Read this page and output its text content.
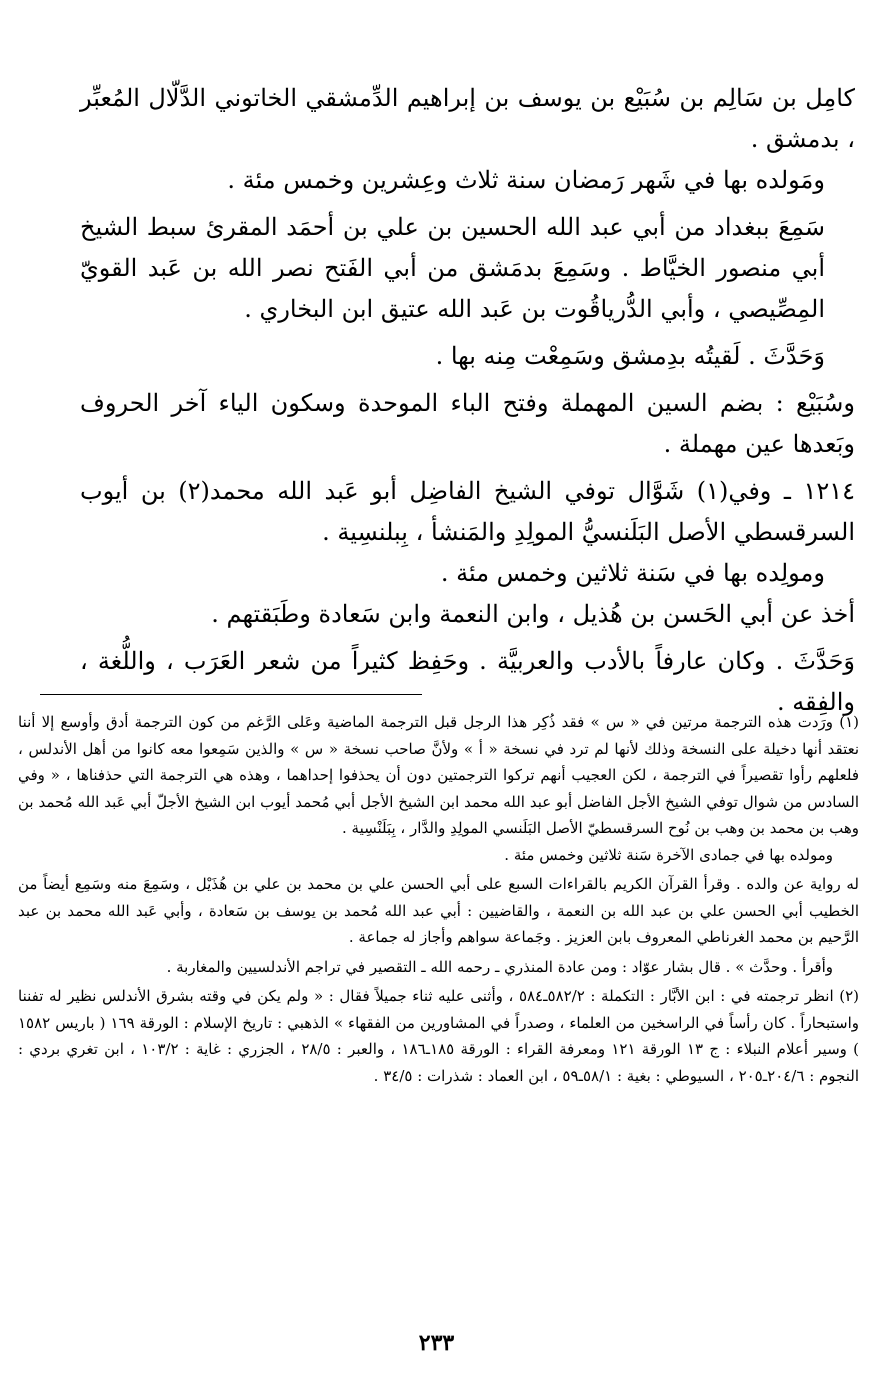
كامِل بن سَالِم بن سُبَيْع بن يوسف بن إبراهيم الدِّمشقي الخاتوني الدَّلّال المُعبِّر ، بدمشق .

ومَولده بها في شَهر رَمضان سنة ثلاث وعِشرين وخمس مئة .

سَمِعَ ببغداد من أبي عبد الله الحسين بن علي بن أحمَد المقرئ سبط الشيخ أبي منصور الخيَّاط . وسَمِعَ بدمَشق من أبي الفَتح نصر الله بن عَبد القويّ المِصِّيصي ، وأبي الدُّرياقُوت بن عَبد الله عتيق ابن البخاري .

وَحَدَّثَ . لَقيتُه بدِمشق وسَمِعْت مِنه بها .

وسُبَيْع : بضم السين المهملة وفتح الباء الموحدة وسكون الياء آخر الحروف وبَعدها عين مهملة .

١٢١٤ ـ وفي(١) شَوَّال توفي الشيخ الفاضِل أبو عَبد الله محمد(٢) بن أيوب السرقسطي الأصل البَلَنسيُّ المولِدِ والمَنشأ ، بِبلنسِية .

ومولِده بها في سَنة ثلاثين وخمس مئة .

أخذ عن أبي الحَسن بن هُذيل ، وابن النعمة وابن سَعادة وطَبَقتهم .

وَحَدَّثَ . وكان عارفاً بالأدب والعربيَّة . وحَفِظ كثيراً من شعر العَرَب ، واللُّغة ، والفِقه .

(١) ورَدت هذه الترجمة مرتين في « س » فقد ذُكِر هذا الرجل قبل الترجمة الماضية وعَلى الرَّغم من كون الترجمة أدق وأوسع إلا أننا نعتقد أنها دخيلة على النسخة وذلك لأنها لم ترد في نسخة « أ » ولأنَّ صاحب نسخة « س » والذين سَمِعوا معه كانوا من أهل الأندلس ، فلعلهم رأوا تقصيراً في الترجمة ، لكن العجيب أنهم تركوا الترجمتين دون أن يحذفوا إحداهما ، وهذه هي الترجمة التي حذفناها ، « وفي السادس من شوال توفي الشيخ الأجل الفاضل أبو عبد الله محمد ابن الشيخ الأجل أبي مُحمد أيوب ابن الشيخ الأجلّ أبي عَبد الله مُحمد بن وهب بن محمد بن وهب بن نُوح السرقسطيّ الأصل البَلَنسي المولِدِ والدَّار ، بِبَلَنْسِية .

ومولده بها في جمادى الآخرة سَنة ثلاثين وخمس مئة .

له رواية عن والده . وقرأ القرآن الكريم بالقراءات السبع على أبي الحسن علي بن محمد بن علي بن هُذَيْل ، وسَمِعَ منه وسَمِع أيضاً من الخطيب أبي الحسن علي بن عبد الله بن النعمة ، والقاضيين : أبي عبد الله مُحمد بن يوسف بن سَعادة ، وأبي عَبد الله محمد بن عبد الرَّحيم بن محمد الغرناطي المعروف بابن العزيز . وجَماعة سواهم وأجاز له جماعة .

وأقرأ . وحدَّث » . قال بشار عوّاد : ومن عادة المنذري ـ رحمه الله ـ التقصير في تراجم الأندلسيين والمغاربة .

(٢) انظر ترجمته في : ابن الأبَّار : التكملة : ٥٨٢/٢ـ٥٨٤ ، وأثنى عليه ثناء جميلاً فقال : « ولم يكن في وقته بشرق الأندلس نظير له تفننا واستبحاراً . كان رأساً في الراسخين من العلماء ، وصدراً في المشاورين من الفقهاء » الذهبي : تاريخ الإسلام : الورقة ١٦٩ ( باريس ١٥٨٢ ) وسير أعلام النبلاء : ج ١٣ الورقة ١٢١ ومعرفة القراء : الورقة ١٨٥ـ١٨٦ ، والعبر : ٢٨/٥ ، الجزري : غاية : ١٠٣/٢ ، ابن تغري بردي : النجوم : ٢٠٤/٦ـ٢٠٥ ، السيوطي : بغية : ٥٨/١ـ٥٩ ، ابن العماد : شذرات : ٣٤/٥ .

٢٣٣
